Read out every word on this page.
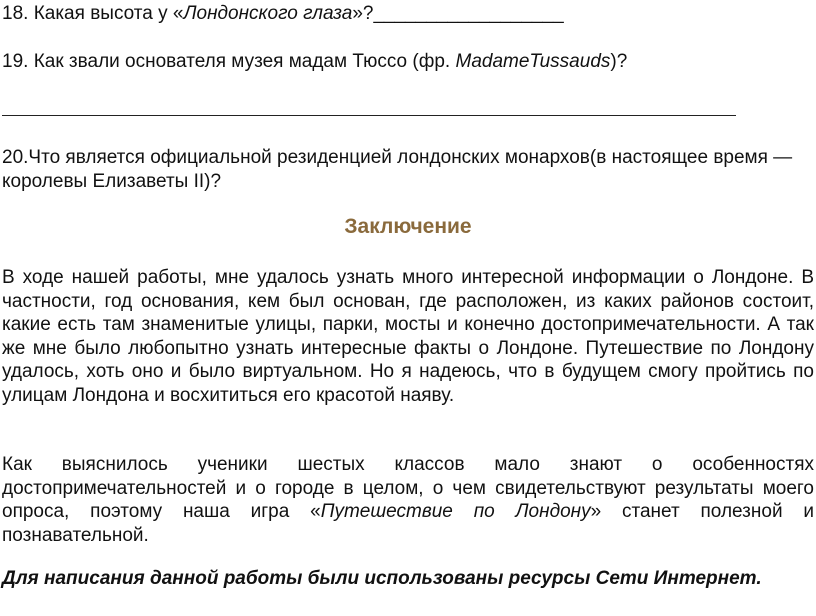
18. Какая высота у «Лондонского глаза»?__________________
19. Как звали основателя музея мадам Тюссо (фр. MadameTussauds)?
20.Что является официальной резиденцией лондонских монархов(в настоящее время — королевы Елизаветы II)?
Заключение
В ходе нашей работы, мне удалось узнать много интересной информации о Лондоне. В частности, год основания, кем был основан, где расположен, из каких районов состоит, какие есть там знаменитые улицы, парки, мосты и конечно достопримечательности. А так же мне было любопытно узнать интересные факты о Лондоне. Путешествие по Лондону удалось, хоть оно и было виртуальном. Но я надеюсь, что в будущем смогу пройтись по улицам Лондона и восхититься его красотой наяву.
Как выяснилось ученики шестых классов мало знают о особенностях достопримечательностей и о городе в целом, о чем свидетельствуют результаты моего опроса, поэтому наша игра «Путешествие по Лондону» станет полезной и познавательной.
Для написания данной работы были использованы ресурсы Сети Интернет.
